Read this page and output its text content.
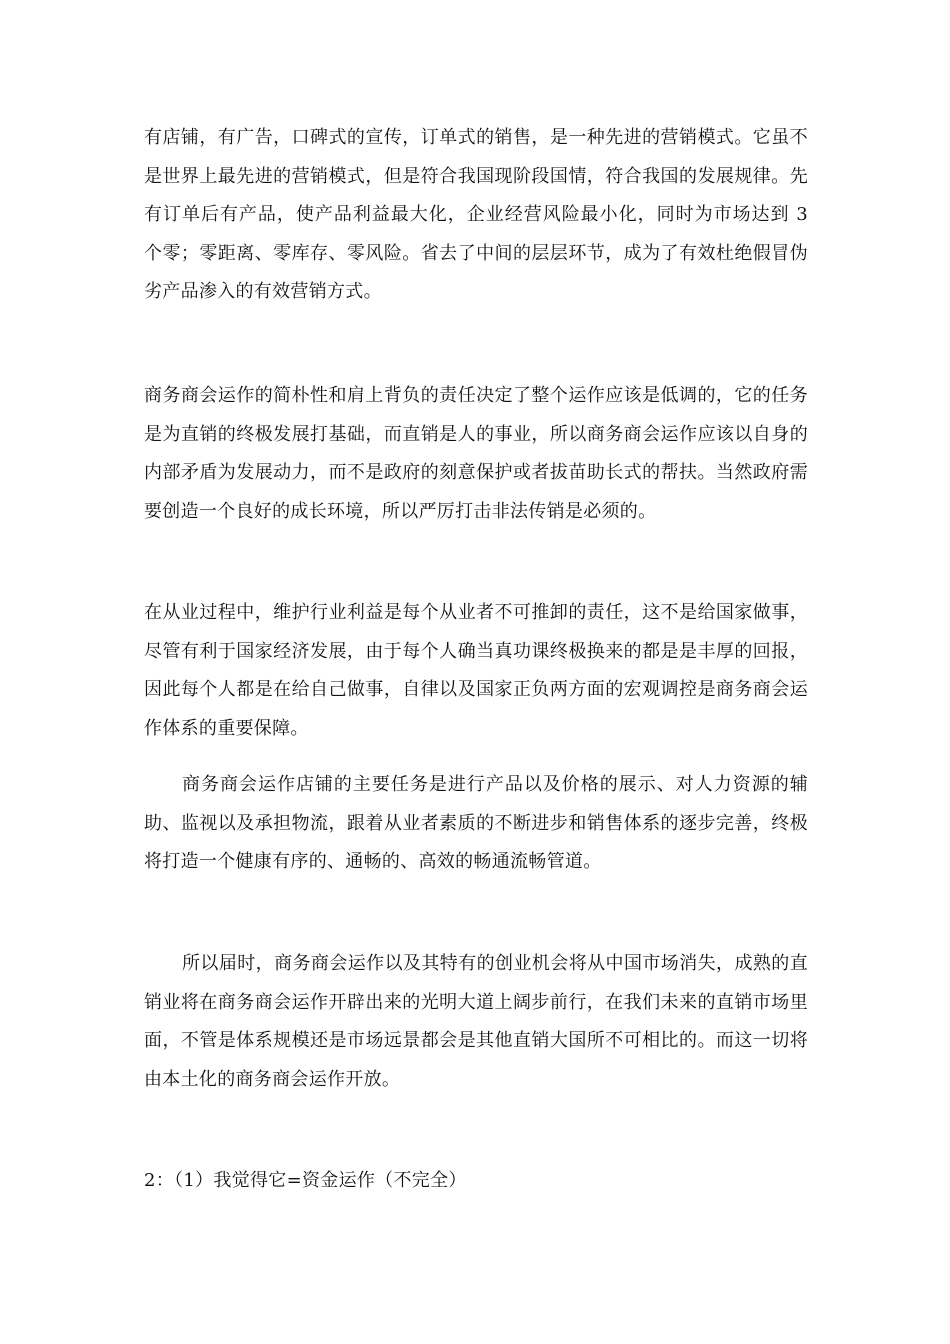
有店铺，有广告，口碑式的宣传，订单式的销售，是一种先进的营销模式。它虽不是世界上最先进的营销模式，但是符合我国现阶段国情，符合我国的发展规律。先有订单后有产品，使产品利益最大化，企业经营风险最小化，同时为市场达到 3 个零；零距离、零库存、零风险。省去了中间的层层环节，成为了有效杜绝假冒伪劣产品渗入的有效营销方式。

商务商会运作的简朴性和肩上背负的责任决定了整个运作应该是低调的，它的任务是为直销的终极发展打基础，而直销是人的事业，所以商务商会运作应该以自身的内部矛盾为发展动力，而不是政府的刻意保护或者拔苗助长式的帮扶。当然政府需要创造一个良好的成长环境，所以严厉打击非法传销是必须的。

在从业过程中，维护行业利益是每个从业者不可推卸的责任，这不是给国家做事，尽管有利于国家经济发展，由于每个人确当真功课终极换来的都是是丰厚的回报，因此每个人都是在给自己做事，自律以及国家正负两方面的宏观调控是商务商会运作体系的重要保障。

商务商会运作店铺的主要任务是进行产品以及价格的展示、对人力资源的辅助、监视以及承担物流，跟着从业者素质的不断进步和销售体系的逐步完善，终极将打造一个健康有序的、通畅的、高效的畅通流畅管道。

所以届时，商务商会运作以及其特有的创业机会将从中国市场消失，成熟的直销业将在商务商会运作开辟出来的光明大道上阔步前行，在我们未来的直销市场里面，不管是体系规模还是市场远景都会是其他直销大国所不可相比的。而这一切将由本土化的商务商会运作开放。

2：（1）我觉得它=资金运作（不完全）
